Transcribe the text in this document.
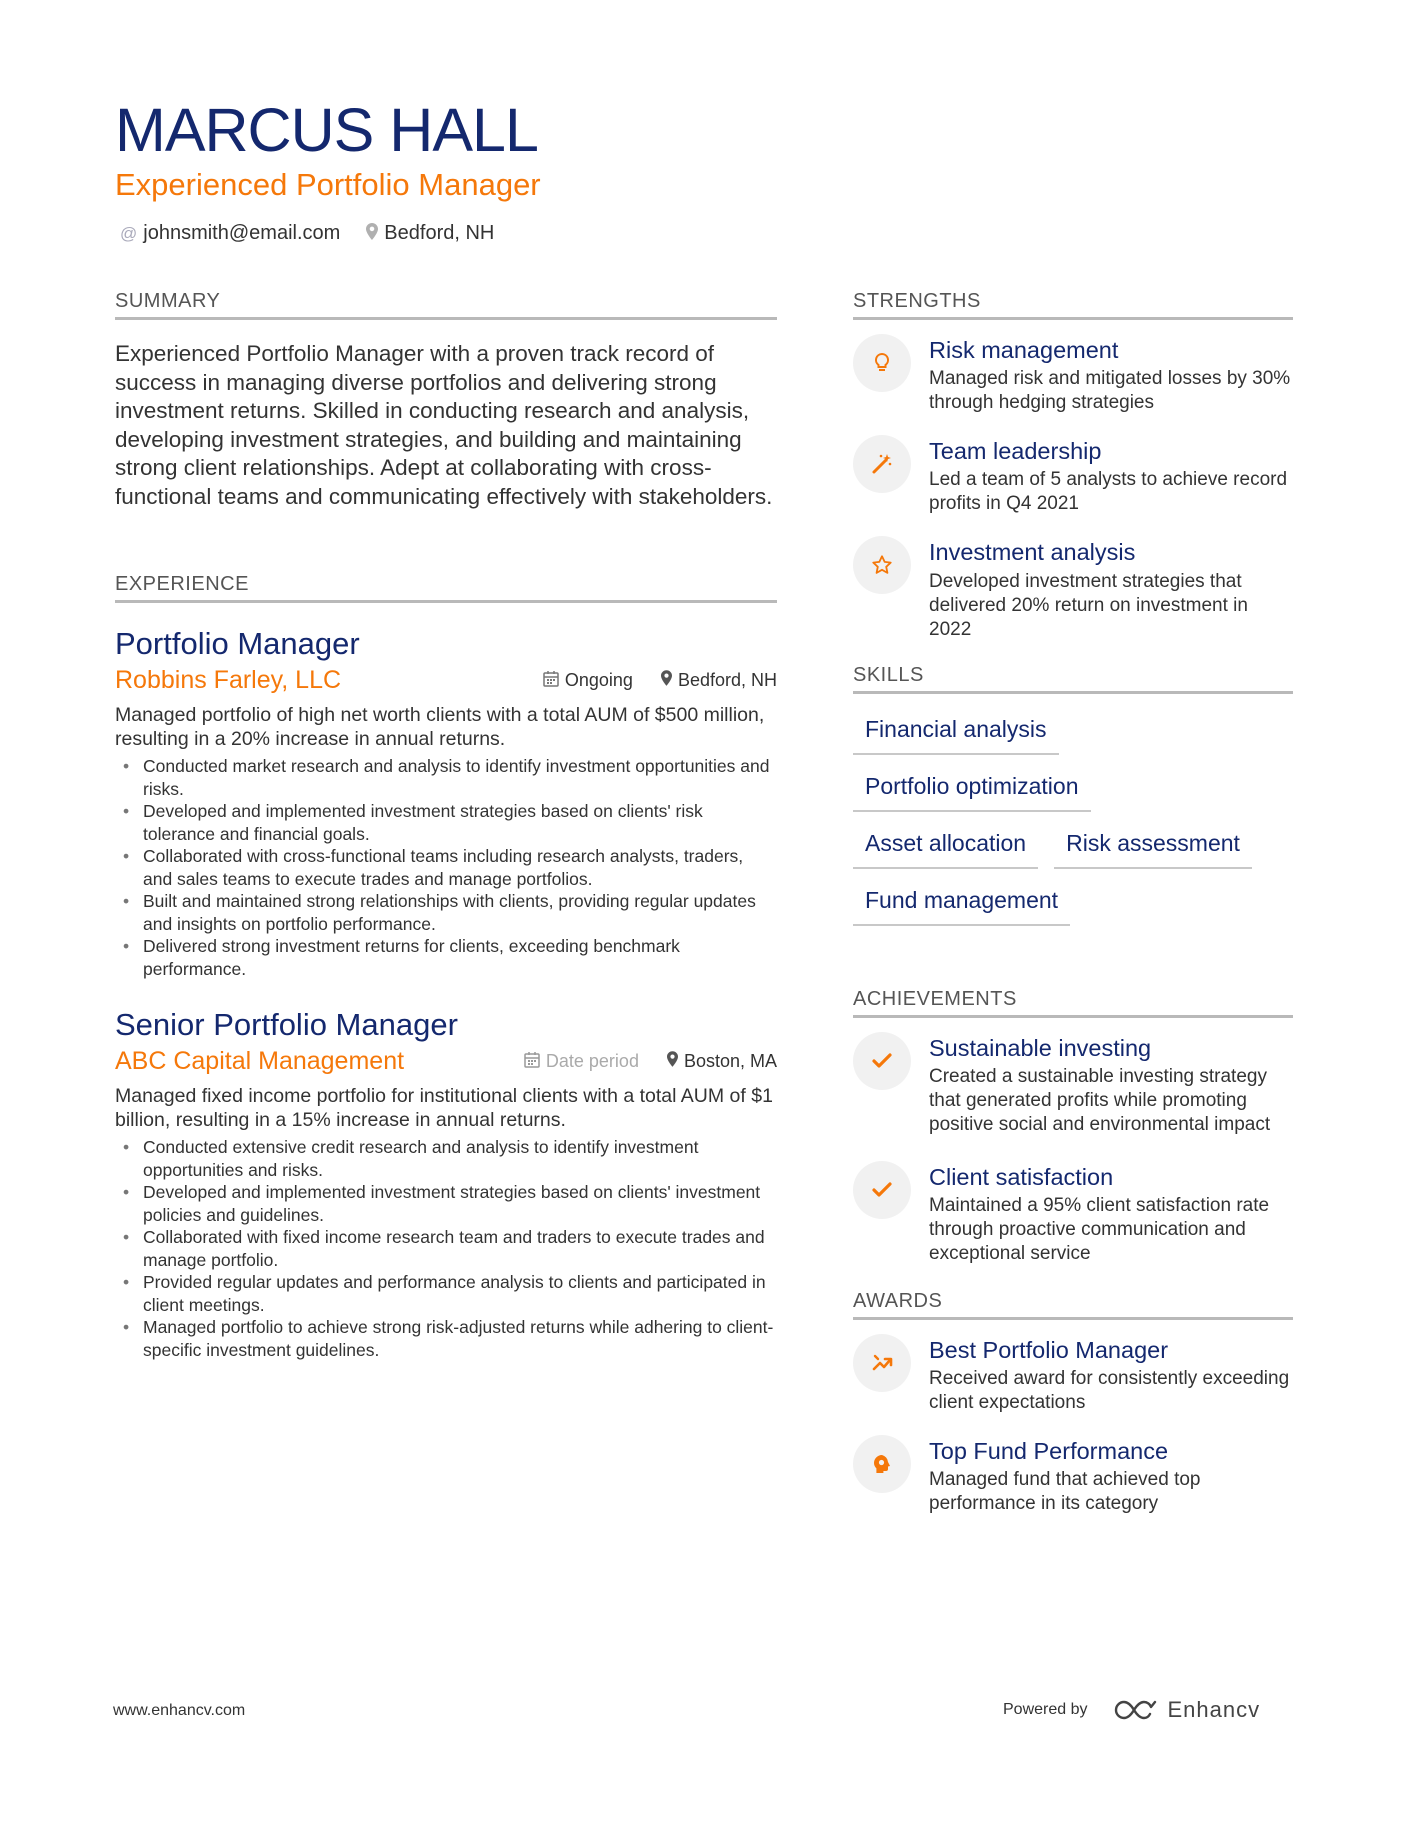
MARCUS HALL
Experienced Portfolio Manager
@ johnsmith@email.com Bedford, NH
SUMMARY
Experienced Portfolio Manager with a proven track record of success in managing diverse portfolios and delivering strong investment returns. Skilled in conducting research and analysis, developing investment strategies, and building and maintaining strong client relationships. Adept at collaborating with cross-functional teams and communicating effectively with stakeholders.
EXPERIENCE
Portfolio Manager
Robbins Farley, LLC	Ongoing	Bedford, NH
Managed portfolio of high net worth clients with a total AUM of $500 million, resulting in a 20% increase in annual returns.
• Conducted market research and analysis to identify investment opportunities and risks.
• Developed and implemented investment strategies based on clients' risk tolerance and financial goals.
• Collaborated with cross-functional teams including research analysts, traders, and sales teams to execute trades and manage portfolios.
• Built and maintained strong relationships with clients, providing regular updates and insights on portfolio performance.
• Delivered strong investment returns for clients, exceeding benchmark performance.
Senior Portfolio Manager
ABC Capital Management	Date period	Boston, MA
Managed fixed income portfolio for institutional clients with a total AUM of $1 billion, resulting in a 15% increase in annual returns.
• Conducted extensive credit research and analysis to identify investment opportunities and risks.
• Developed and implemented investment strategies based on clients' investment policies and guidelines.
• Collaborated with fixed income research team and traders to execute trades and manage portfolio.
• Provided regular updates and performance analysis to clients and participated in client meetings.
• Managed portfolio to achieve strong risk-adjusted returns while adhering to client-specific investment guidelines.
STRENGTHS
Risk management
Managed risk and mitigated losses by 30% through hedging strategies
Team leadership
Led a team of 5 analysts to achieve record profits in Q4 2021
Investment analysis
Developed investment strategies that delivered 20% return on investment in 2022
SKILLS
Financial analysis
Portfolio optimization
Asset allocation	Risk assessment
Fund management
ACHIEVEMENTS
Sustainable investing
Created a sustainable investing strategy that generated profits while promoting positive social and environmental impact
Client satisfaction
Maintained a 95% client satisfaction rate through proactive communication and exceptional service
AWARDS
Best Portfolio Manager
Received award for consistently exceeding client expectations
Top Fund Performance
Managed fund that achieved top performance in its category
www.enhancv.com	Powered by	Enhancv
